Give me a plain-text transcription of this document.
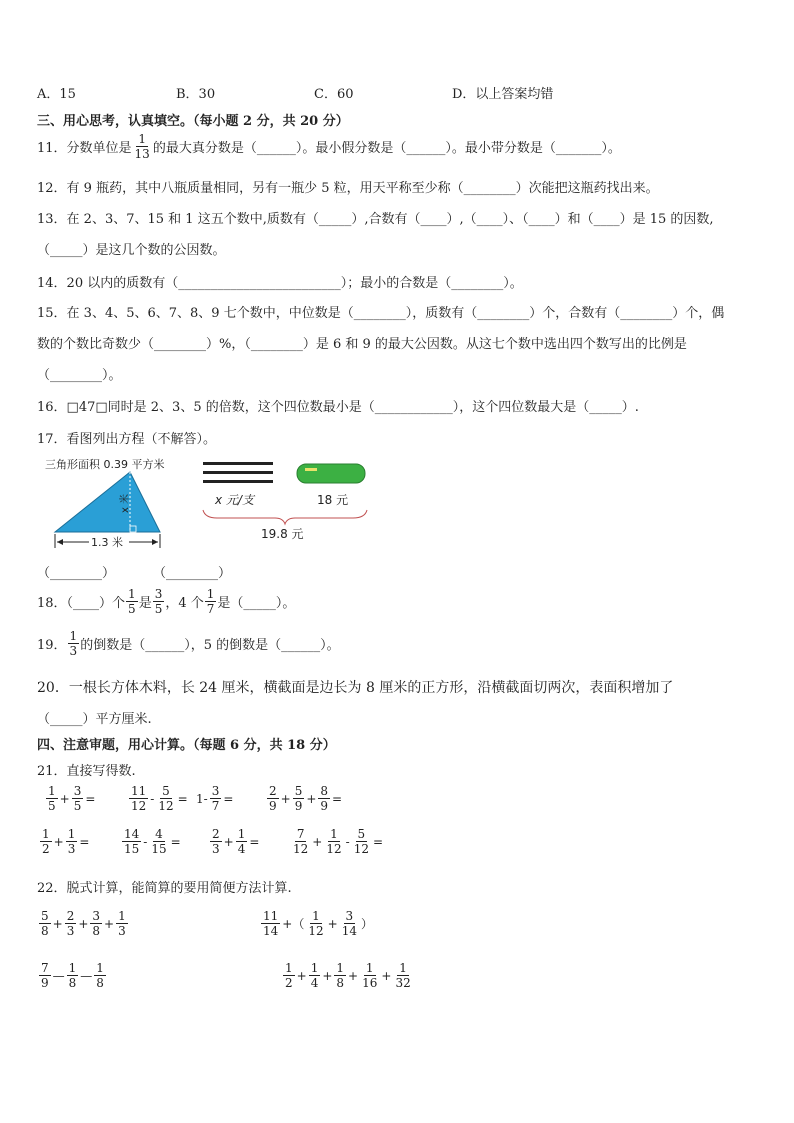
A．15	B．30	C．60	D．以上答案均错
三、用心思考，认真填空。（每小题 2 分，共 20 分）
11．分数单位是 $\frac{1}{13}$ 的最大真分数是（______）。最小假分数是（______）。最小带分数是（_______）。
12．有 9 瓶药，其中八瓶质量相同，另有一瓶少 5 粒，用天平称至少称（________）次能把这瓶药找出来。
13．在 2、3、7、15 和 1 这五个数中,质数有（_____）,合数有（____）,（____）、（____）和（____）是 15 的因数,
（_____）是这几个数的公因数。
14．20 以内的质数有（_________________________）；最小的合数是（________）。
15．在 3、4、5、6、7、8、9 七个数中，中位数是（________），质数有（________）个，合数有（________）个，偶
数的个数比奇数少（________）%，（________）是 6 和 9 的最大公因数。从这七个数中选出四个数写出的比例是
（________）。
16．□47□同时是 2、3、5 的倍数，这个四位数最小是（____________），这个四位数最大是（_____）.
17．看图列出方程（不解答）。
三角形面积 0.39 平方米
x 米
1.3 米
x 元/支	18 元
19.8 元
（________）	（________）
18．（____）个 $\frac{1}{5}$ 是 $\frac{3}{5}$ ，4 个 $\frac{1}{7}$ 是（_____）。
19． $\frac{1}{3}$ 的倒数是（______），5 的倒数是（______）。
20．一根长方体木料，长 24 厘米，横截面是边长为 8 厘米的正方形，沿横截面切两次，表面积增加了
（_____）平方厘米.
四、注意审题，用心计算。（每题 6 分，共 18 分）
21．直接写得数.
$\frac{1}{5} + \frac{3}{5}$ =	$\frac{11}{12} - \frac{5}{12} = 1- \frac{3}{7}$ =	$\frac{2}{9} + \frac{5}{9} + \frac{8}{9}$ =
$\frac{1}{2} + \frac{1}{3}$ =	$\frac{14}{15} - \frac{4}{15} = \frac{2}{3} + \frac{1}{4}$ =	$\frac{7}{12} + \frac{1}{12} - \frac{5}{12}$ =
22．脱式计算，能简算的要用简便方法计算.
$\frac{5}{8} + \frac{2}{3} + \frac{3}{8} + \frac{1}{3}$	$\frac{11}{14}$ +（ $\frac{1}{12} + \frac{3}{14}$ ）
$\frac{7}{9}$ — $\frac{1}{8}$ — $\frac{1}{8}$	$\frac{1}{2} + \frac{1}{4} + \frac{1}{8} + \frac{1}{16} + \frac{1}{32}$
